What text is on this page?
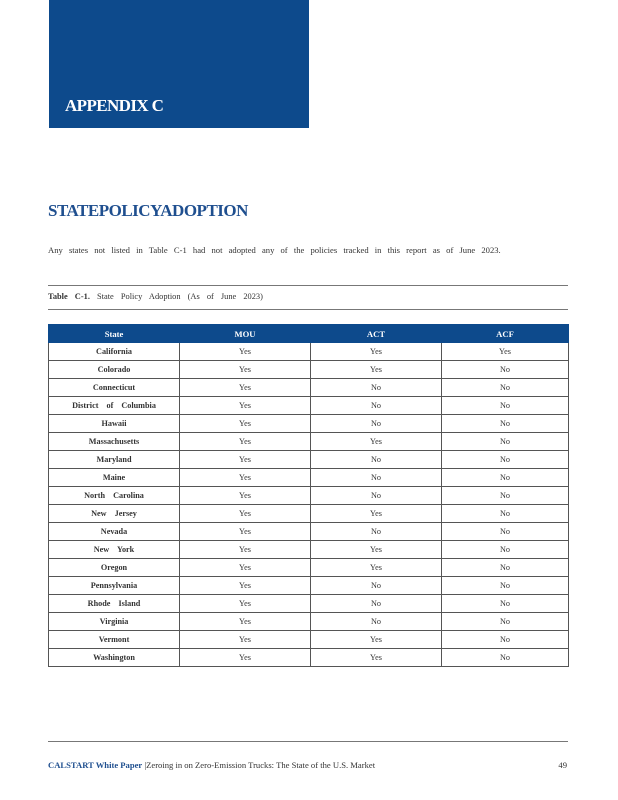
APPENDIX C
STATEPOLICYADOPTION

Any states not listed in Table C-1 had not adopted any of the policies tracked in this report as of June 2023.

Table C-1. State Policy Adoption (As of June 2023)

State	MOU	ACT	ACF
California	Yes	Yes	Yes
Colorado	Yes	Yes	No
Connecticut	Yes	No	No
District of Columbia	Yes	No	No
Hawaii	Yes	No	No
Massachusetts	Yes	Yes	No
Maryland	Yes	No	No
Maine	Yes	No	No
North Carolina	Yes	No	No
New Jersey	Yes	Yes	No
Nevada	Yes	No	No
New York	Yes	Yes	No
Oregon	Yes	Yes	No
Pennsylvania	Yes	No	No
Rhode Island	Yes	No	No
Virginia	Yes	No	No
Vermont	Yes	Yes	No
Washington	Yes	Yes	No

CALSTART White Paper |Zeroing in on Zero-Emission Trucks: The State of the U.S. Market	49
